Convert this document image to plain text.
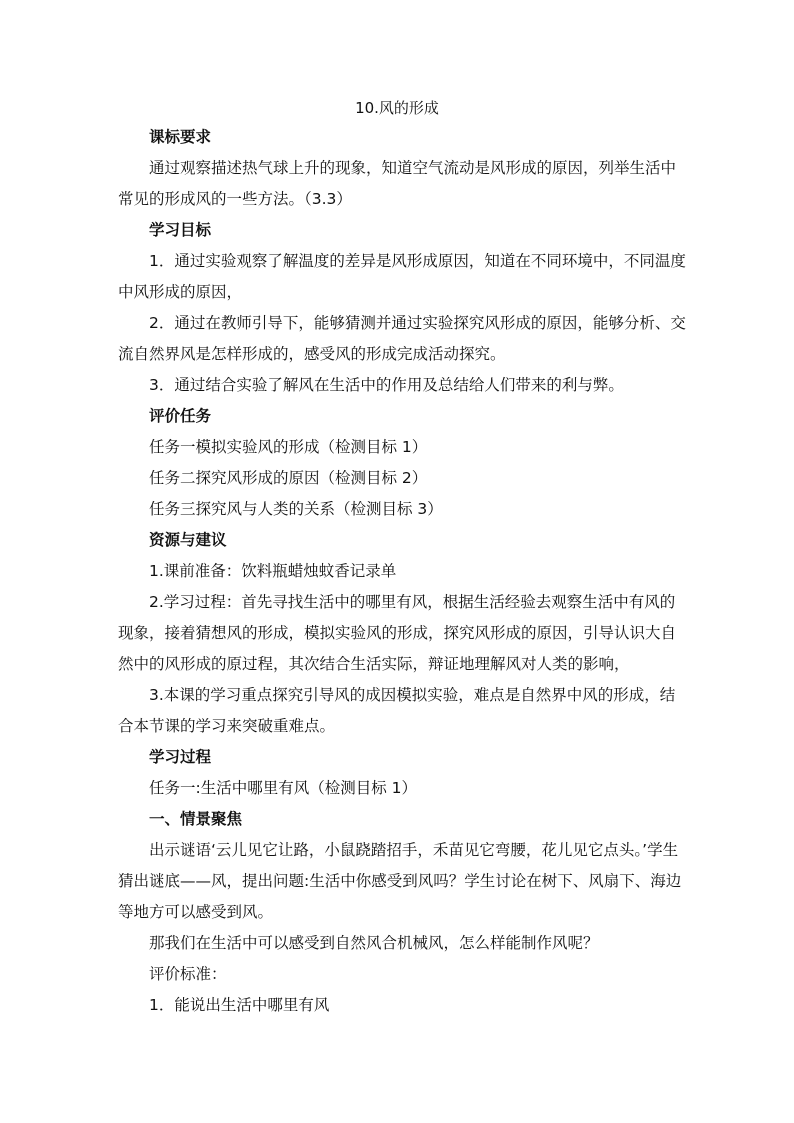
10.风的形成

课标要求

通过观察描述热气球上升的现象，知道空气流动是风形成的原因，列举生活中常见的形成风的一些方法。（3.3）

学习目标

1．通过实验观察了解温度的差异是风形成原因，知道在不同环境中，不同温度中风形成的原因，

2．通过在教师引导下，能够猜测并通过实验探究风形成的原因，能够分析、交流自然界风是怎样形成的，感受风的形成完成活动探究。

3．通过结合实验了解风在生活中的作用及总结给人们带来的利与弊。

评价任务

任务一模拟实验风的形成（检测目标 1）

任务二探究风形成的原因（检测目标 2）

任务三探究风与人类的关系（检测目标 3）

资源与建议

1.课前准备：饮料瓶蜡烛蚊香记录单

2.学习过程：首先寻找生活中的哪里有风，根据生活经验去观察生活中有风的现象，接着猜想风的形成，模拟实验风的形成，探究风形成的原因，引导认识大自然中的风形成的原过程，其次结合生活实际，辩证地理解风对人类的影响，

3.本课的学习重点探究引导风的成因模拟实验，难点是自然界中风的形成，结合本节课的学习来突破重难点。

学习过程

任务一:生活中哪里有风（检测目标 1）

一、情景聚焦

出示谜语‘云儿见它让路，小鼠跷踏招手，禾苗见它弯腰，花儿见它点头。’学生猜出谜底——风，提出问题:生活中你感受到风吗？学生讨论在树下、风扇下、海边等地方可以感受到风。

那我们在生活中可以感受到自然风合机械风，怎么样能制作风呢？

评价标准：

1．能说出生活中哪里有风
